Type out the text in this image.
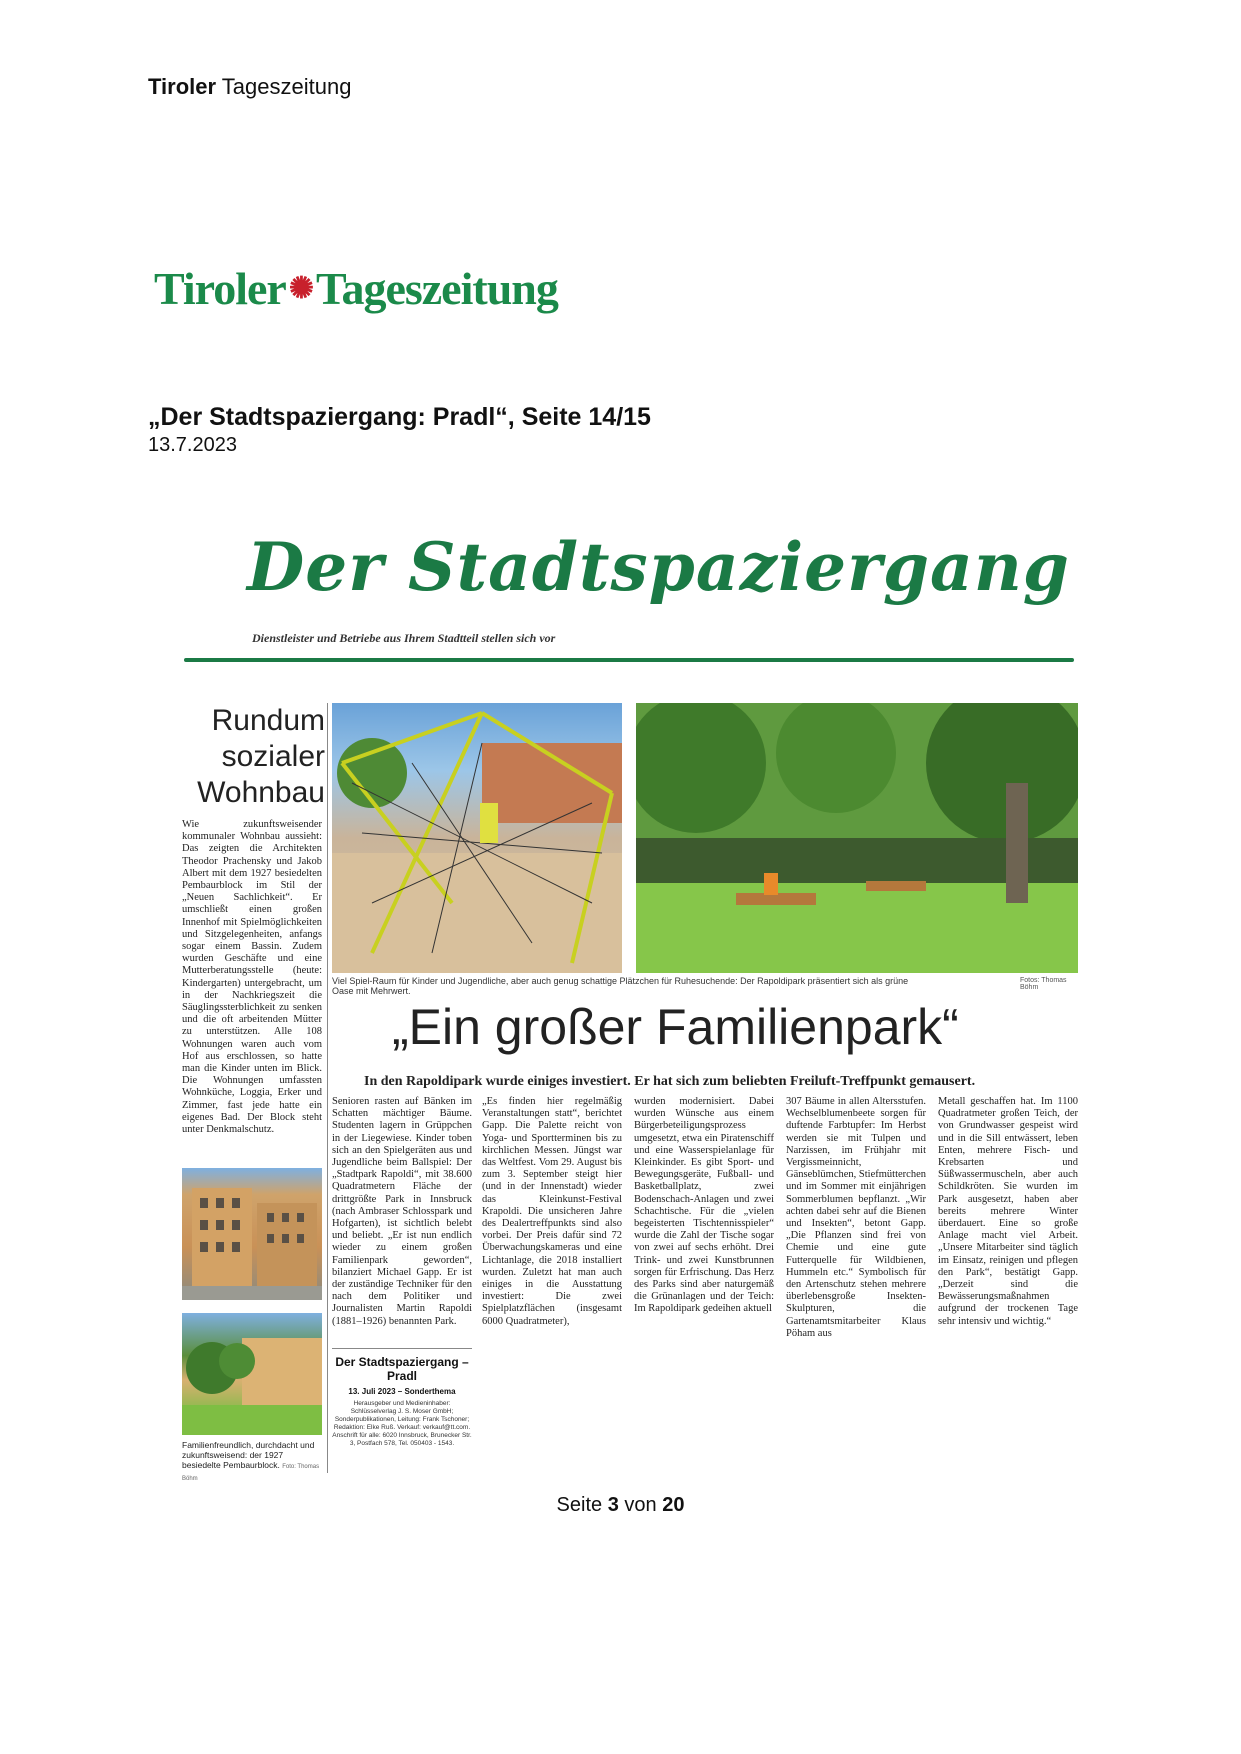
Tiroler Tageszeitung
Tiroler ✺ Tageszeitung
„Der Stadtspaziergang: Pradl“, Seite 14/15
13.7.2023
Der Stadtspaziergang
Dienstleister und Betriebe aus Ihrem Stadtteil stellen sich vor
Rundum sozialer Wohnbau
Wie zukunftsweisender kommunaler Wohnbau aussieht: Das zeigten die Architekten Theodor Prachensky und Jakob Albert mit dem 1927 besiedelten Pembaurblock im Stil der „Neuen Sachlichkeit“. Er umschließt einen großen Innenhof mit Spielmöglichkeiten und Sitzgelegenheiten, anfangs sogar einem Bassin. Zudem wurden Geschäfte und eine Mutterberatungsstelle (heute: Kindergarten) untergebracht, um in der Nachkriegszeit die Säuglingssterblichkeit zu senken und die oft arbeitenden Mütter zu unterstützen. Alle 108 Wohnungen waren auch vom Hof aus erschlossen, so hatte man die Kinder unten im Blick. Die Wohnungen umfassten Wohnküche, Loggia, Erker und Zimmer, fast jede hatte ein eigenes Bad. Der Block steht unter Denkmalschutz.
Familienfreundlich, durchdacht und zukunftsweisend: der 1927 besiedelte Pembaurblock. Foto: Thomas Böhm
Viel Spiel-Raum für Kinder und Jugendliche, aber auch genug schattige Plätzchen für Ruhesuchende: Der Rapoldipark präsentiert sich als grüne Oase mit Mehrwert.
Fotos: Thomas Böhm
„Ein großer Familienpark“
In den Rapoldipark wurde einiges investiert. Er hat sich zum beliebten Freiluft-Treffpunkt gemausert.
Senioren rasten auf Bänken im Schatten mächtiger Bäume. Studenten lagern in Grüppchen in der Liegewiese. Kinder toben sich an den Spielgeräten aus und Jugendliche beim Ballspiel: Der „Stadtpark Rapoldi“, mit 38.600 Quadratmetern Fläche der drittgrößte Park in Innsbruck (nach Ambraser Schlosspark und Hofgarten), ist sichtlich belebt und beliebt. „Er ist nun endlich wieder zu einem großen Familienpark geworden“, bilanziert Michael Gapp. Er ist der zuständige Techniker für den nach dem Politiker und Journalisten Martin Rapoldi (1881–1926) benannten Park.
„Es finden hier regelmäßig Veranstaltungen statt“, berichtet Gapp. Die Palette reicht von Yoga- und Sportterminen bis zu kirchlichen Messen. Jüngst war das Weltfest. Vom 29. August bis zum 3. September steigt hier (und in der Innenstadt) wieder das Kleinkunst-Festival Krapoldi. Die unsicheren Jahre des Dealertreffpunkts sind also vorbei. Der Preis dafür sind 72 Überwachungskameras und eine Lichtanlage, die 2018 installiert wurden. Zuletzt hat man auch einiges in die Ausstattung investiert: Die zwei Spielplatzflächen (insgesamt 6000 Quadratmeter),
wurden modernisiert. Dabei wurden Wünsche aus einem Bürgerbeteiligungsprozess umgesetzt, etwa ein Piratenschiff und eine Wasserspielanlage für Kleinkinder. Es gibt Sport- und Bewegungsgeräte, Fußball- und Basketballplatz, zwei Bodenschach-Anlagen und zwei Schachtische. Für die „vielen begeisterten Tischtennisspieler“ wurde die Zahl der Tische sogar von zwei auf sechs erhöht. Drei Trink- und zwei Kunstbrunnen sorgen für Erfrischung. Das Herz des Parks sind aber naturgemäß die Grünanlagen und der Teich: Im Rapoldipark gedeihen aktuell
307 Bäume in allen Altersstufen. Wechselblumenbeete sorgen für duftende Farbtupfer: Im Herbst werden sie mit Tulpen und Narzissen, im Frühjahr mit Vergissmeinnicht, Gänseblümchen, Stiefmütterchen und im Sommer mit einjährigen Sommerblumen bepflanzt. „Wir achten dabei sehr auf die Bienen und Insekten“, betont Gapp. „Die Pflanzen sind frei von Chemie und eine gute Futterquelle für Wildbienen, Hummeln etc.“ Symbolisch für den Artenschutz stehen mehrere überlebensgroße Insekten-Skulpturen, die Gartenamtsmitarbeiter Klaus Pöham aus
Metall geschaffen hat. Im 1100 Quadratmeter großen Teich, der von Grundwasser gespeist wird und in die Sill entwässert, leben Enten, mehrere Fisch- und Krebsarten und Süßwassermuscheln, aber auch Schildkröten. Sie wurden im Park ausgesetzt, haben aber bereits mehrere Winter überdauert. Eine so große Anlage macht viel Arbeit. „Unsere Mitarbeiter sind täglich im Einsatz, reinigen und pflegen den Park“, bestätigt Gapp. „Derzeit sind die Bewässerungsmaßnahmen aufgrund der trockenen Tage sehr intensiv und wichtig.“
Der Stadtspaziergang – Pradl
13. Juli 2023 – Sonderthema
Herausgeber und Medieninhaber: Schlüsselverlag J. S. Moser GmbH; Sonderpublikationen, Leitung: Frank Tschoner; Redaktion: Elke Ruß. Verkauf: verkauf@tt.com. Anschrift für alle: 6020 Innsbruck, Brunecker Str. 3, Postfach 578, Tel. 050403 - 1543.
Seite 3 von 20
